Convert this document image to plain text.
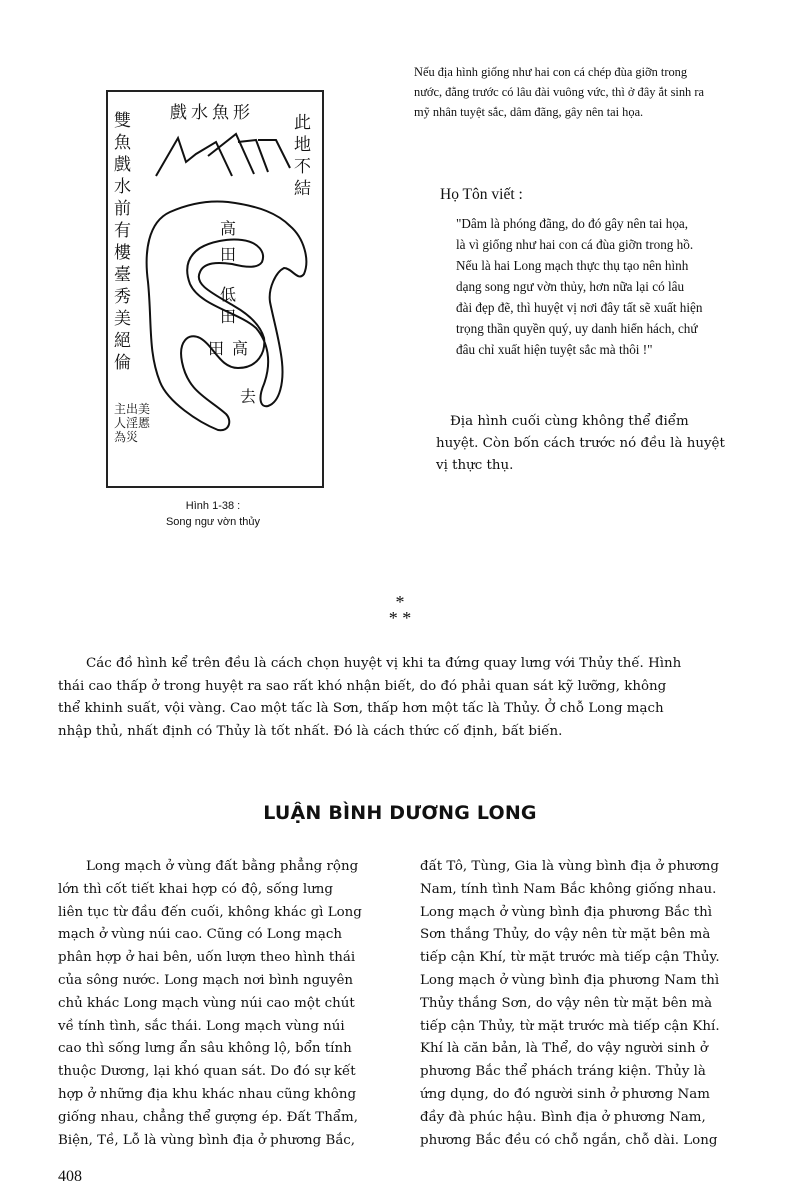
戲水魚形 此地不結
雙魚戲水前有樓臺秀美絕倫
主出美
人淫慝
為災
高
田
低
田
田 高
去
Hình 1-38 :
Song ngư vờn thủy
Nếu địa hình giống như hai con cá chép đùa giỡn trong
nước, đằng trước có lâu đài vuông vức, thì ở đây ắt sinh ra
mỹ nhân tuyệt sắc, dâm đãng, gây nên tai họa.
Họ Tôn viết :
"Dâm là phóng đãng, do đó gây nên tai họa,
là vì giống như hai con cá đùa giỡn trong hồ.
Nếu là hai Long mạch thực thụ tạo nên hình
dạng song ngư vờn thủy, hơn nữa lại có lâu
đài đẹp đẽ, thì huyệt vị nơi đây tất sẽ xuất hiện
trọng thần quyền quý, uy danh hiển hách, chứ
đâu chỉ xuất hiện tuyệt sắc mà thôi !"
Địa hình cuối cùng không thể điểm
huyệt. Còn bốn cách trước nó đều là huyệt
vị thực thụ.
*
* *
Các đồ hình kể trên đều là cách chọn huyệt vị khi ta đứng quay lưng với Thủy thế. Hình
thái cao thấp ở trong huyệt ra sao rất khó nhận biết, do đó phải quan sát kỹ lưỡng, không
thể khinh suất, vội vàng. Cao một tấc là Sơn, thấp hơn một tấc là Thủy. Ở chỗ Long mạch
nhập thủ, nhất định có Thủy là tốt nhất. Đó là cách thức cố định, bất biến.
LUẬN BÌNH DƯƠNG LONG
Long mạch ở vùng đất bằng phẳng rộng
lớn thì cốt tiết khai hợp có độ, sống lưng
liên tục từ đầu đến cuối, không khác gì Long
mạch ở vùng núi cao. Cũng có Long mạch
phân hợp ở hai bên, uốn lượn theo hình thái
của sông nước. Long mạch nơi bình nguyên
chủ khác Long mạch vùng núi cao một chút
về tính tình, sắc thái. Long mạch vùng núi
cao thì sống lưng ẩn sâu không lộ, bổn tính
thuộc Dương, lại khó quan sát. Do đó sự kết
hợp ở những địa khu khác nhau cũng không
giống nhau, chẳng thể gượng ép. Đất Thẩm,
Biện, Tề, Lỗ là vùng bình địa ở phương Bắc,
đất Tô, Tùng, Gia là vùng bình địa ở phương
Nam, tính tình Nam Bắc không giống nhau.
Long mạch ở vùng bình địa phương Bắc thì
Sơn thắng Thủy, do vậy nên từ mặt bên mà
tiếp cận Khí, từ mặt trước mà tiếp cận Thủy.
Long mạch ở vùng bình địa phương Nam thì
Thủy thắng Sơn, do vậy nên từ mặt bên mà
tiếp cận Thủy, từ mặt trước mà tiếp cận Khí.
Khí là căn bản, là Thể, do vậy người sinh ở
phương Bắc thể phách tráng kiện. Thủy là
ứng dụng, do đó người sinh ở phương Nam
đầy đà phúc hậu. Bình địa ở phương Nam,
phương Bắc đều có chỗ ngắn, chỗ dài. Long
408
